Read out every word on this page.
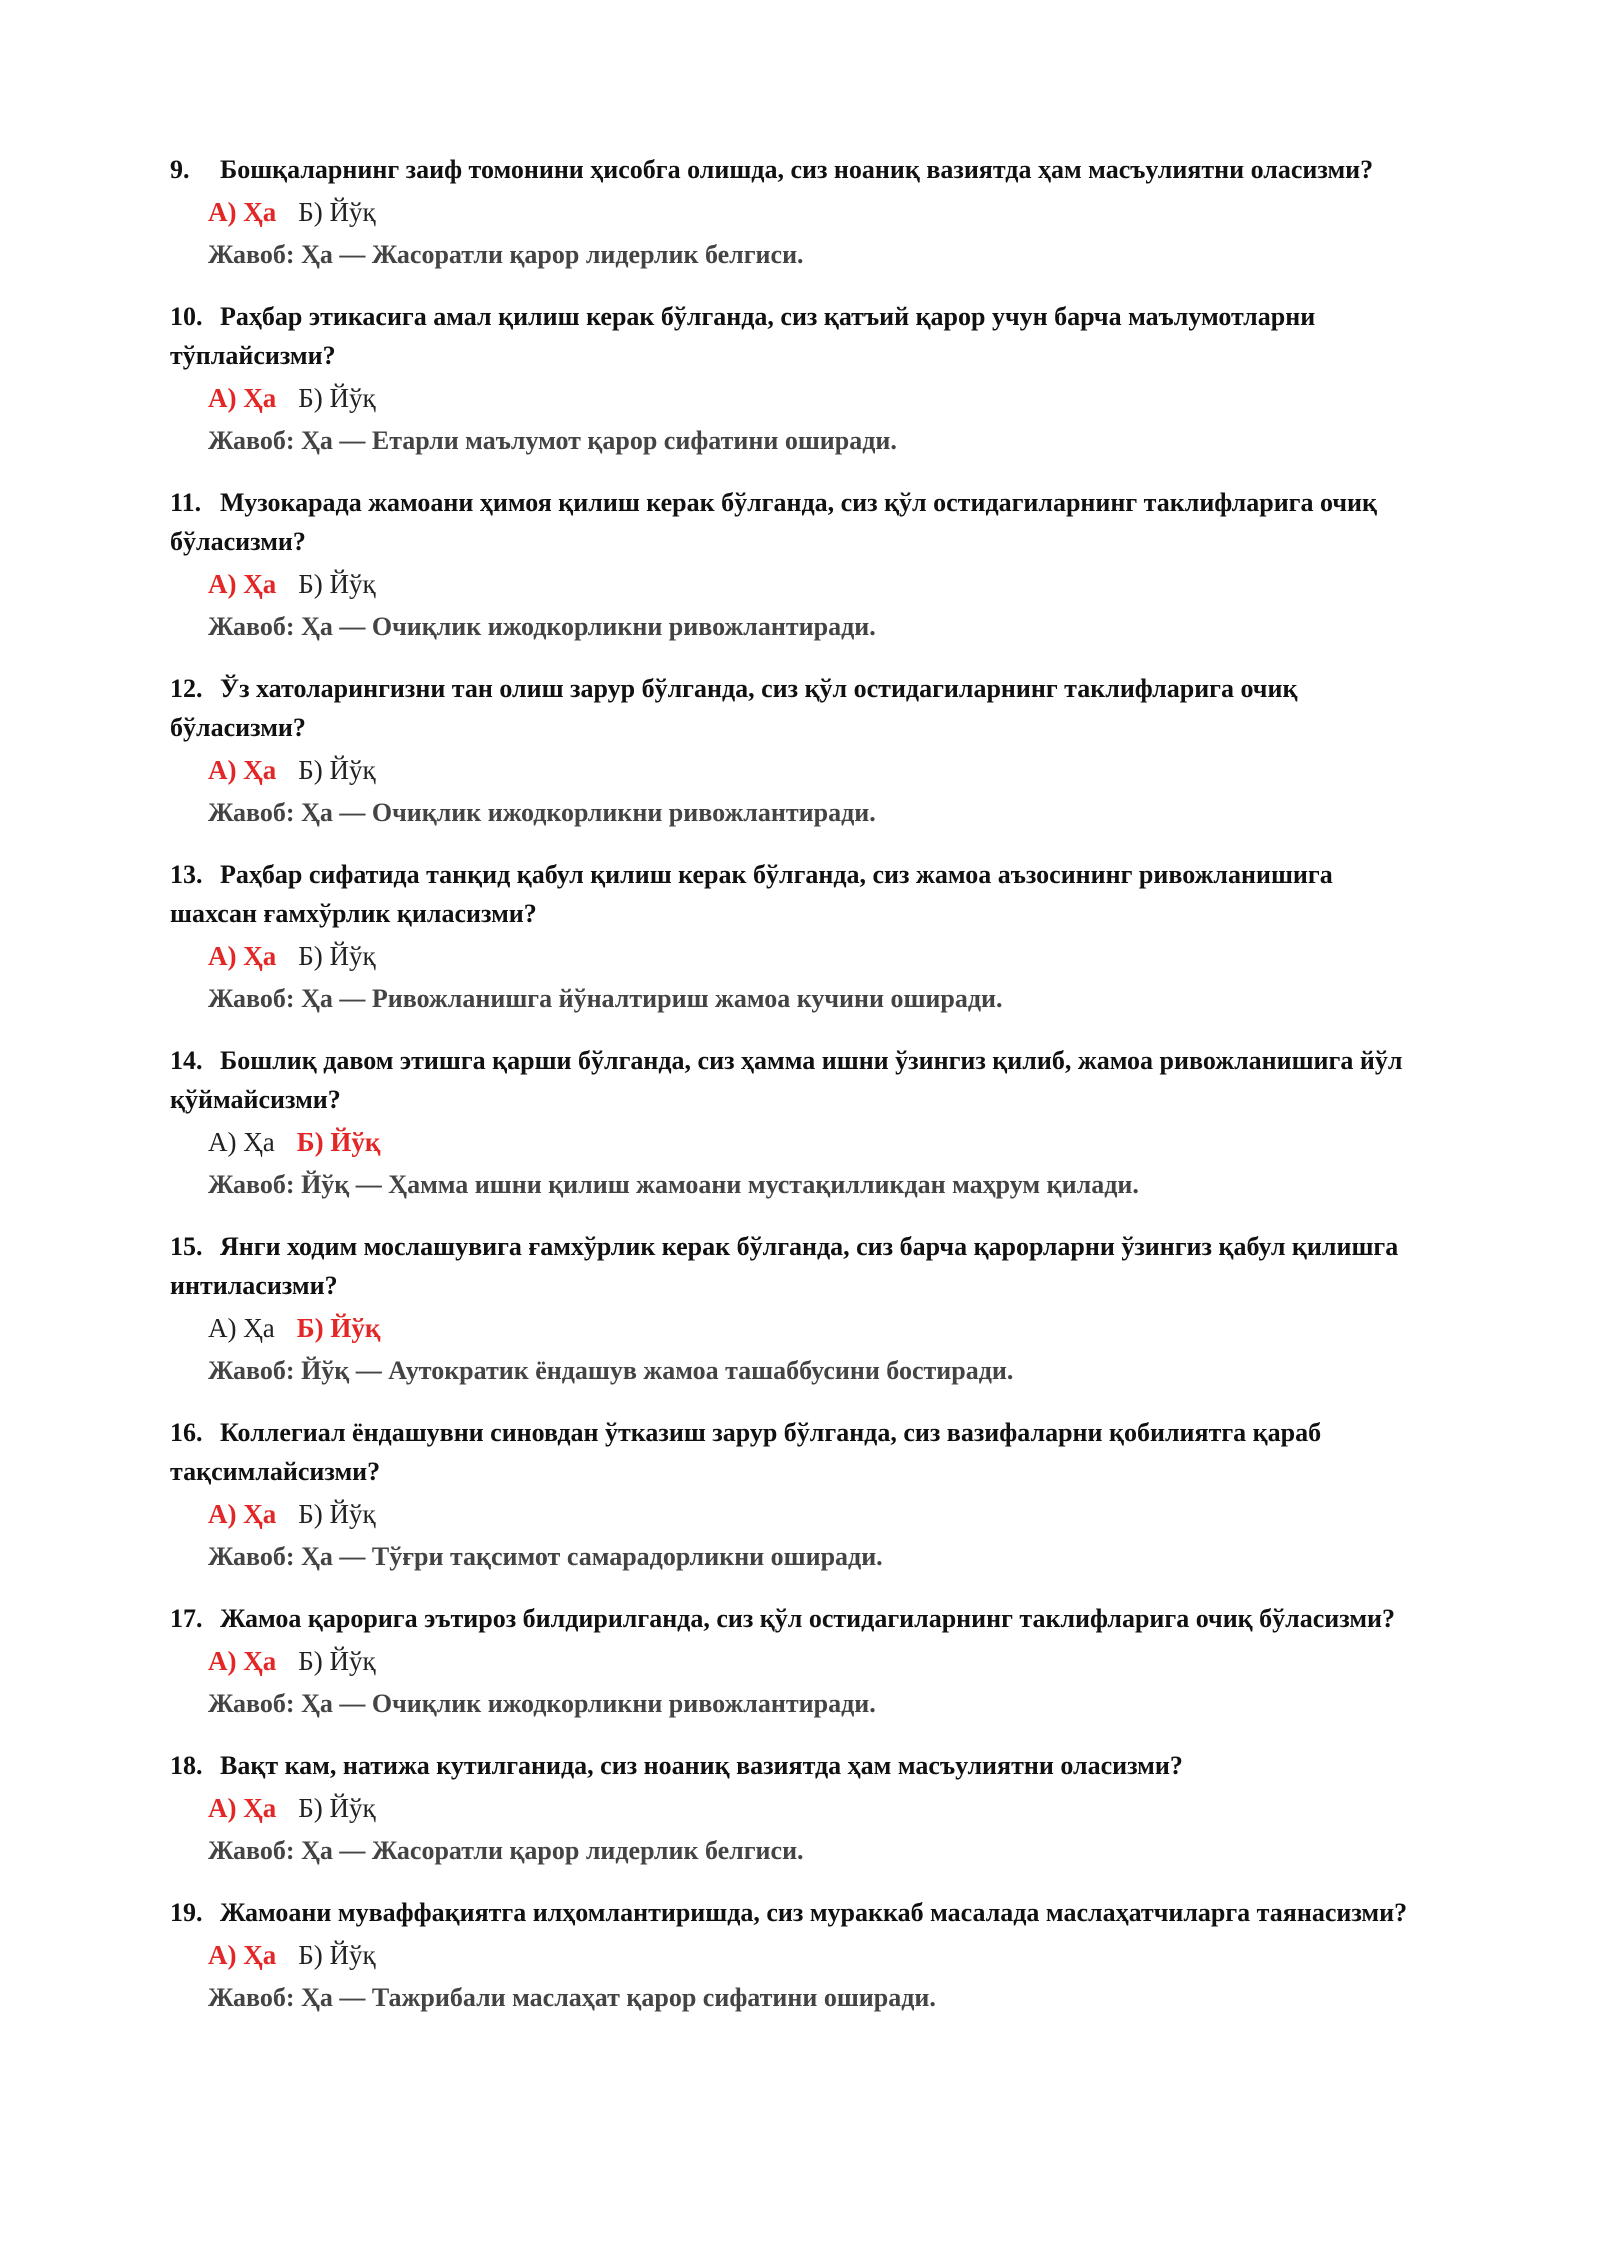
9. Бошқаларнинг заиф томонини ҳисобга олишда, сиз ноаниқ вазиятда ҳам масъулиятни оласизми?

А) Ҳа Б) Йўқ
Жавоб: Ҳа — Жасоратли қарор лидерлик белгиси.

10. Раҳбар этикасига амал қилиш керак бўлганда, сиз қатъий қарор учун барча маълумотларни тўплайсизми?

А) Ҳа Б) Йўқ
Жавоб: Ҳа — Етарли маълумот қарор сифатини оширади.

11. Музокарада жамоани ҳимоя қилиш керак бўлганда, сиз қўл остидагиларнинг таклифларига очиқ бўласизми?

А) Ҳа Б) Йўқ
Жавоб: Ҳа — Очиқлик ижодкорликни ривожлантиради.

12. Ўз хатоларингизни тан олиш зарур бўлганда, сиз қўл остидагиларнинг таклифларига очиқ бўласизми?

А) Ҳа Б) Йўқ
Жавоб: Ҳа — Очиқлик ижодкорликни ривожлантиради.

13. Раҳбар сифатида танқид қабул қилиш керак бўлганда, сиз жамоа аъзосининг ривожланишига шахсан ғамхўрлик қиласизми?

А) Ҳа Б) Йўқ
Жавоб: Ҳа — Ривожланишга йўналтириш жамоа кучини оширади.

14. Бошлиқ давом этишга қарши бўлганда, сиз ҳамма ишни ўзингиз қилиб, жамоа ривожланишига йўл қўймайсизми?

А) Ҳа Б) Йўқ
Жавоб: Йўқ — Ҳамма ишни қилиш жамоани мустақилликдан маҳрум қилади.

15. Янги ходим мослашувига ғамхўрлик керак бўлганда, сиз барча қарорларни ўзингиз қабул қилишга интиласизми?

А) Ҳа Б) Йўқ
Жавоб: Йўқ — Аутократик ёндашув жамоа ташаббусини бостиради.

16. Коллегиал ёндашувни синовдан ўтказиш зарур бўлганда, сиз вазифаларни қобилиятга қараб тақсимлайсизми?

А) Ҳа Б) Йўқ
Жавоб: Ҳа — Тўғри тақсимот самарадорликни оширади.

17. Жамоа қарорига эътироз билдирилганда, сиз қўл остидагиларнинг таклифларига очиқ бўласизми?

А) Ҳа Б) Йўқ
Жавоб: Ҳа — Очиқлик ижодкорликни ривожлантиради.

18. Вақт кам, натижа кутилганида, сиз ноаниқ вазиятда ҳам масъулиятни оласизми?

А) Ҳа Б) Йўқ
Жавоб: Ҳа — Жасоратли қарор лидерлик белгиси.

19. Жамоани муваффақиятга илҳомлантиришда, сиз мураккаб масалада маслаҳатчиларга таянасизми?

А) Ҳа Б) Йўқ
Жавоб: Ҳа — Тажрибали маслаҳат қарор сифатини оширади.
